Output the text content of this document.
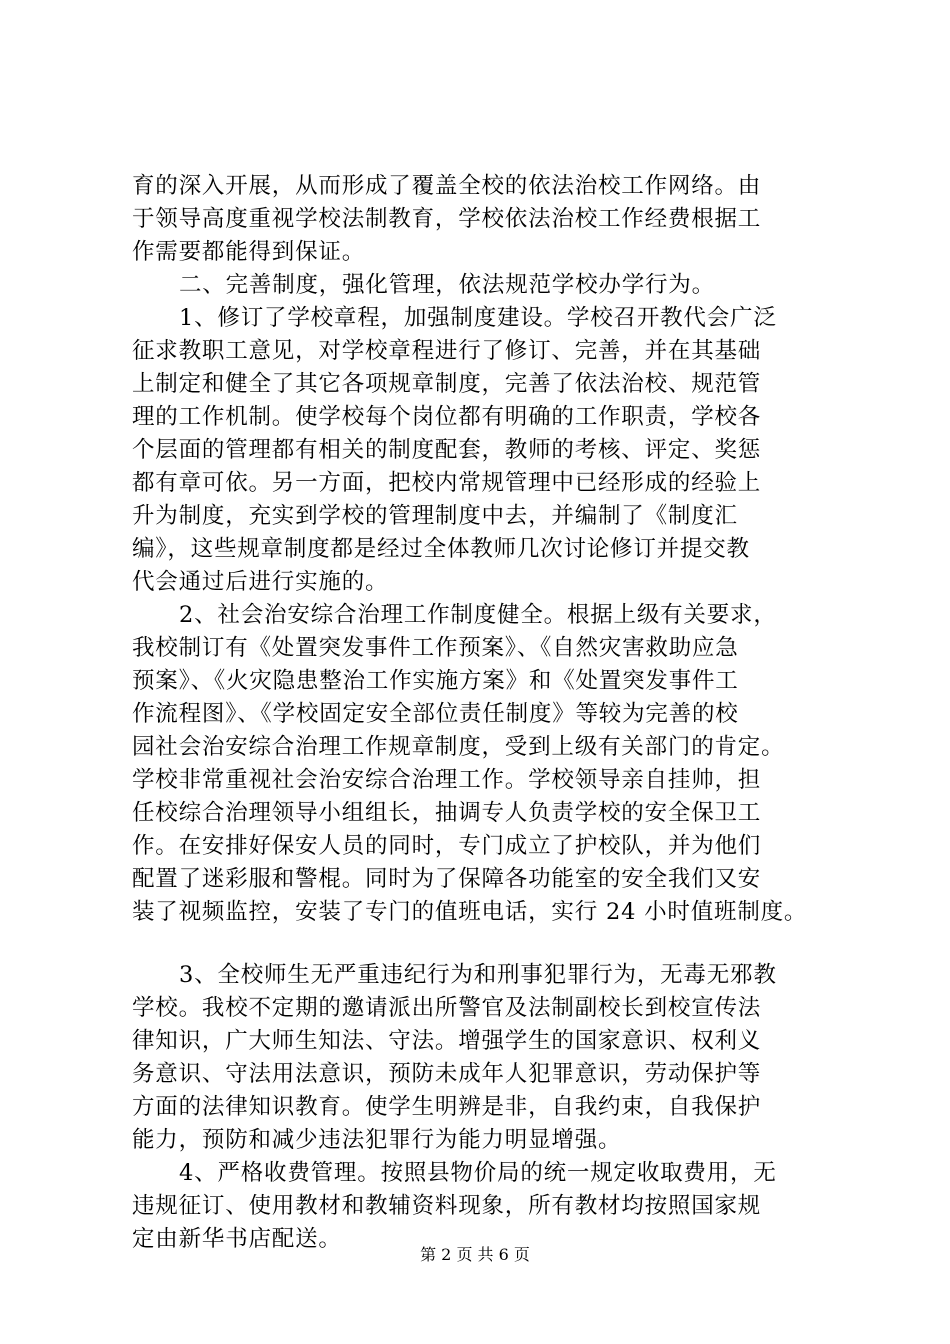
育的深入开展，从而形成了覆盖全校的依法治校工作网络。由
于领导高度重视学校法制教育，学校依法治校工作经费根据工
作需要都能得到保证。
二、完善制度，强化管理，依法规范学校办学行为。
1、修订了学校章程，加强制度建设。学校召开教代会广泛
征求教职工意见，对学校章程进行了修订、完善，并在其基础
上制定和健全了其它各项规章制度，完善了依法治校、规范管
理的工作机制。使学校每个岗位都有明确的工作职责，学校各
个层面的管理都有相关的制度配套，教师的考核、评定、奖惩
都有章可依。另一方面，把校内常规管理中已经形成的经验上
升为制度，充实到学校的管理制度中去，并编制了《制度汇
编》，这些规章制度都是经过全体教师几次讨论修订并提交教
代会通过后进行实施的。
2、社会治安综合治理工作制度健全。根据上级有关要求，
我校制订有《处置突发事件工作预案》、《自然灾害救助应急
预案》、《火灾隐患整治工作实施方案》和《处置突发事件工
作流程图》、《学校固定安全部位责任制度》等较为完善的校
园社会治安综合治理工作规章制度，受到上级有关部门的肯定。
学校非常重视社会治安综合治理工作。学校领导亲自挂帅，担
任校综合治理领导小组组长，抽调专人负责学校的安全保卫工
作。在安排好保安人员的同时，专门成立了护校队，并为他们
配置了迷彩服和警棍。同时为了保障各功能室的安全我们又安
装了视频监控，安装了专门的值班电话，实行 24 小时值班制度。
3、全校师生无严重违纪行为和刑事犯罪行为，无毒无邪教
学校。我校不定期的邀请派出所警官及法制副校长到校宣传法
律知识，广大师生知法、守法。增强学生的国家意识、权利义
务意识、守法用法意识，预防未成年人犯罪意识，劳动保护等
方面的法律知识教育。使学生明辨是非，自我约束，自我保护
能力，预防和减少违法犯罪行为能力明显增强。
4、严格收费管理。按照县物价局的统一规定收取费用，无
违规征订、使用教材和教辅资料现象，所有教材均按照国家规
定由新华书店配送。
第 2 页 共 6 页
